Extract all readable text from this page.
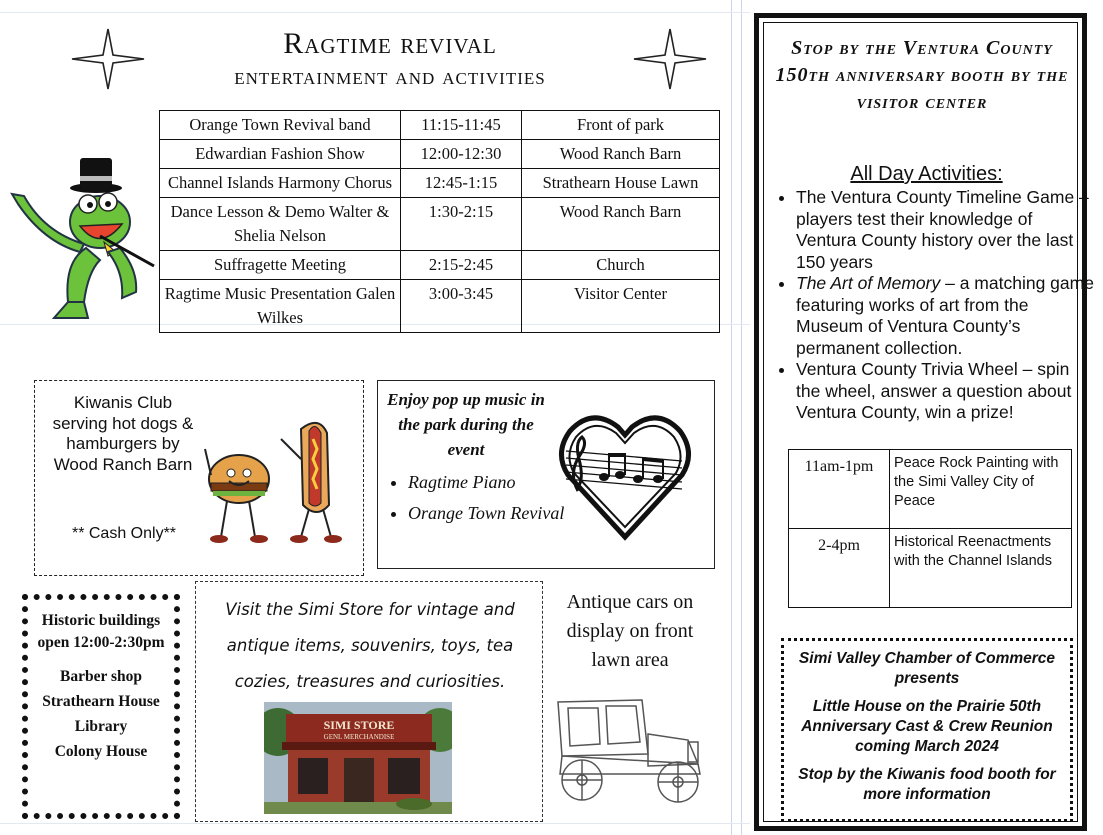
Ragtime revival
entertainment and activities
Orange Town Revival band	11:15-11:45	Front of park
Edwardian Fashion Show	12:00-12:30	Wood Ranch Barn
Channel Islands Harmony Chorus	12:45-1:15	Strathearn House Lawn
Dance Lesson & Demo Walter & Shelia Nelson	1:30-2:15	Wood Ranch Barn
Suffragette Meeting	2:15-2:45	Church
Ragtime Music Presentation Galen Wilkes	3:00-3:45	Visitor Center
Kiwanis Club serving hot dogs & hamburgers by Wood Ranch Barn
** Cash Only**
Enjoy pop up music in the park during the event
• Ragtime Piano
• Orange Town Revival
Historic buildings open 12:00-2:30pm
Barber shop
Strathearn House
Library
Colony House
Visit the Simi Store for vintage and antique items, souvenirs, toys, tea cozies, treasures and curiosities.
SIMI STORE
GENL MERCHANDISE
Antique cars on display on front lawn area
Stop by the Ventura County 150th anniversary booth by the visitor center
All Day Activities:
• The Ventura County Timeline Game – players test their knowledge of Ventura County history over the last 150 years
• The Art of Memory – a matching game featuring works of art from the Museum of Ventura County’s permanent collection.
• Ventura County Trivia Wheel – spin the wheel, answer a question about Ventura County, win a prize!
11am-1pm	Peace Rock Painting with the Simi Valley City of Peace
2-4pm	Historical Reenactments with the Channel Islands

Simi Valley Chamber of Commerce presents

Little House on the Prairie 50th Anniversary Cast & Crew Reunion coming March 2024

Stop by the Kiwanis food booth for more information
